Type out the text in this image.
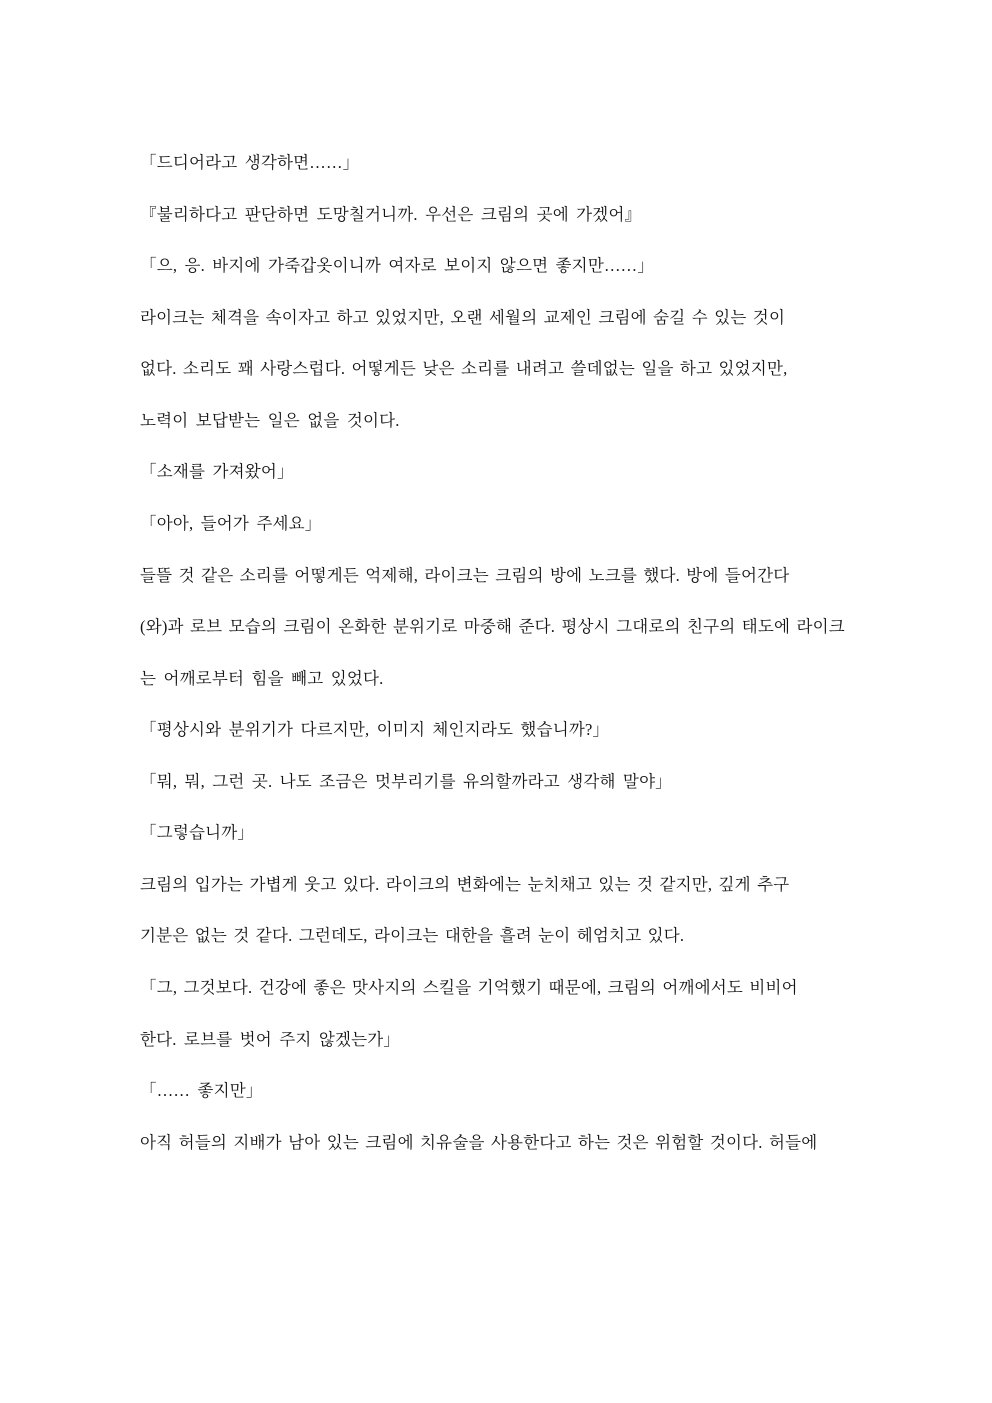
「드디어라고 생각하면……」

『불리하다고 판단하면 도망칠거니까. 우선은 크림의 곳에 가겠어』

「으, 응. 바지에 가죽갑옷이니까 여자로 보이지 않으면 좋지만……」

라이크는 체격을 속이자고 하고 있었지만, 오랜 세월의 교제인 크림에 숨길 수 있는 것이

없다. 소리도 꽤 사랑스럽다. 어떻게든 낮은 소리를 내려고 쓸데없는 일을 하고 있었지만,

노력이 보답받는 일은 없을 것이다.

「소재를 가져왔어」

「아아, 들어가 주세요」

들뜰 것 같은 소리를 어떻게든 억제해, 라이크는 크림의 방에 노크를 했다. 방에 들어간다

(와)과 로브 모습의 크림이 온화한 분위기로 마중해 준다. 평상시 그대로의 친구의 태도에 라이크

는 어깨로부터 힘을 빼고 있었다.

「평상시와 분위기가 다르지만, 이미지 체인지라도 했습니까?」

「뭐, 뭐, 그런 곳. 나도 조금은 멋부리기를 유의할까라고 생각해 말야」

「그렇습니까」

크림의 입가는 가볍게 웃고 있다. 라이크의 변화에는 눈치채고 있는 것 같지만, 깊게 추구

기분은 없는 것 같다. 그런데도, 라이크는 대한을 흘려 눈이 헤엄치고 있다.

「그, 그것보다. 건강에 좋은 맛사지의 스킬을 기억했기 때문에, 크림의 어깨에서도 비비어

한다. 로브를 벗어 주지 않겠는가」

「…… 좋지만」

아직 허들의 지배가 남아 있는 크림에 치유술을 사용한다고 하는 것은 위험할 것이다. 허들에
